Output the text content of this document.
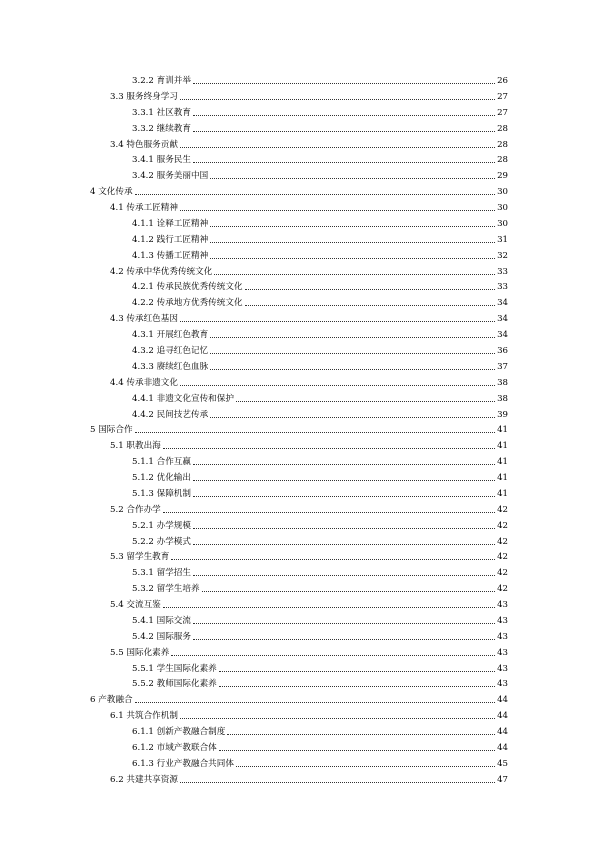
3.2.2 育训并举	26
3.3 服务终身学习	27
3.3.1 社区教育	27
3.3.2 继续教育	28
3.4 特色服务贡献	28
3.4.1 服务民生	28
3.4.2 服务美丽中国	29
4 文化传承	30
4.1 传承工匠精神	30
4.1.1 诠释工匠精神	30
4.1.2 践行工匠精神	31
4.1.3 传播工匠精神	32
4.2 传承中华优秀传统文化	33
4.2.1 传承民族优秀传统文化	33
4.2.2 传承地方优秀传统文化	34
4.3 传承红色基因	34
4.3.1 开展红色教育	34
4.3.2 追寻红色记忆	36
4.3.3 赓续红色血脉	37
4.4 传承非遗文化	38
4.4.1 非遗文化宣传和保护	38
4.4.2 民间技艺传承	39
5 国际合作	41
5.1 职教出海	41
5.1.1 合作互赢	41
5.1.2 优化输出	41
5.1.3 保障机制	41
5.2 合作办学	42
5.2.1 办学规模	42
5.2.2 办学模式	42
5.3 留学生教育	42
5.3.1 留学招生	42
5.3.2 留学生培养	42
5.4 交流互鉴	43
5.4.1 国际交流	43
5.4.2 国际服务	43
5.5 国际化素养	43
5.5.1 学生国际化素养	43
5.5.2 教师国际化素养	43
6 产教融合	44
6.1 共筑合作机制	44
6.1.1 创新产教融合制度	44
6.1.2 市域产教联合体	44
6.1.3 行业产教融合共同体	45
6.2 共建共享资源	47
